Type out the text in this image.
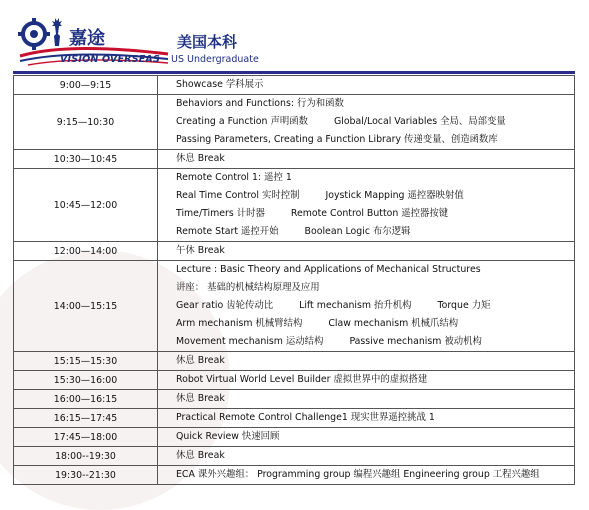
嘉途
VISION OVERSEAS US Undergraduate
美国本科
9:00—9:15	Showcase 学科展示

9:15—10:30	Behaviors and Functions: 行为和函数
Creating a Function 声明函数 Global/Local Variables 全局、局部变量
Passing Parameters, Creating a Function Library 传递变量、创造函数库

10:30—10:45	休息 Break

10:45—12:00	Remote Control 1: 遥控 1
Real Time Control 实时控制 Joystick Mapping 遥控器映射值
Time/Timers 计时器 Remote Control Button 遥控器按键
Remote Start 遥控开始 Boolean Logic 布尔逻辑

12:00—14:00	午休 Break

14:00—15:15	Lecture : Basic Theory and Applications of Mechanical Structures
讲座： 基础的机械结构原理及应用
Gear ratio 齿轮传动比 Lift mechanism 抬升机构 Torque 力矩
Arm mechanism 机械臂结构 Claw mechanism 机械爪结构
Movement mechanism 运动结构 Passive mechanism 被动机构

15:15—15:30	休息 Break

15:30—16:00	Robot Virtual World Level Builder 虚拟世界中的虚拟搭建

16:00—16:15	休息 Break

16:15—17:45	Practical Remote Control Challenge1 现实世界遥控挑战 1

17:45—18:00	Quick Review 快速回顾

18:00--19:30	休息 Break

19:30--21:30	ECA 课外兴趣组： Programming group 编程兴趣组 Engineering group 工程兴趣组
